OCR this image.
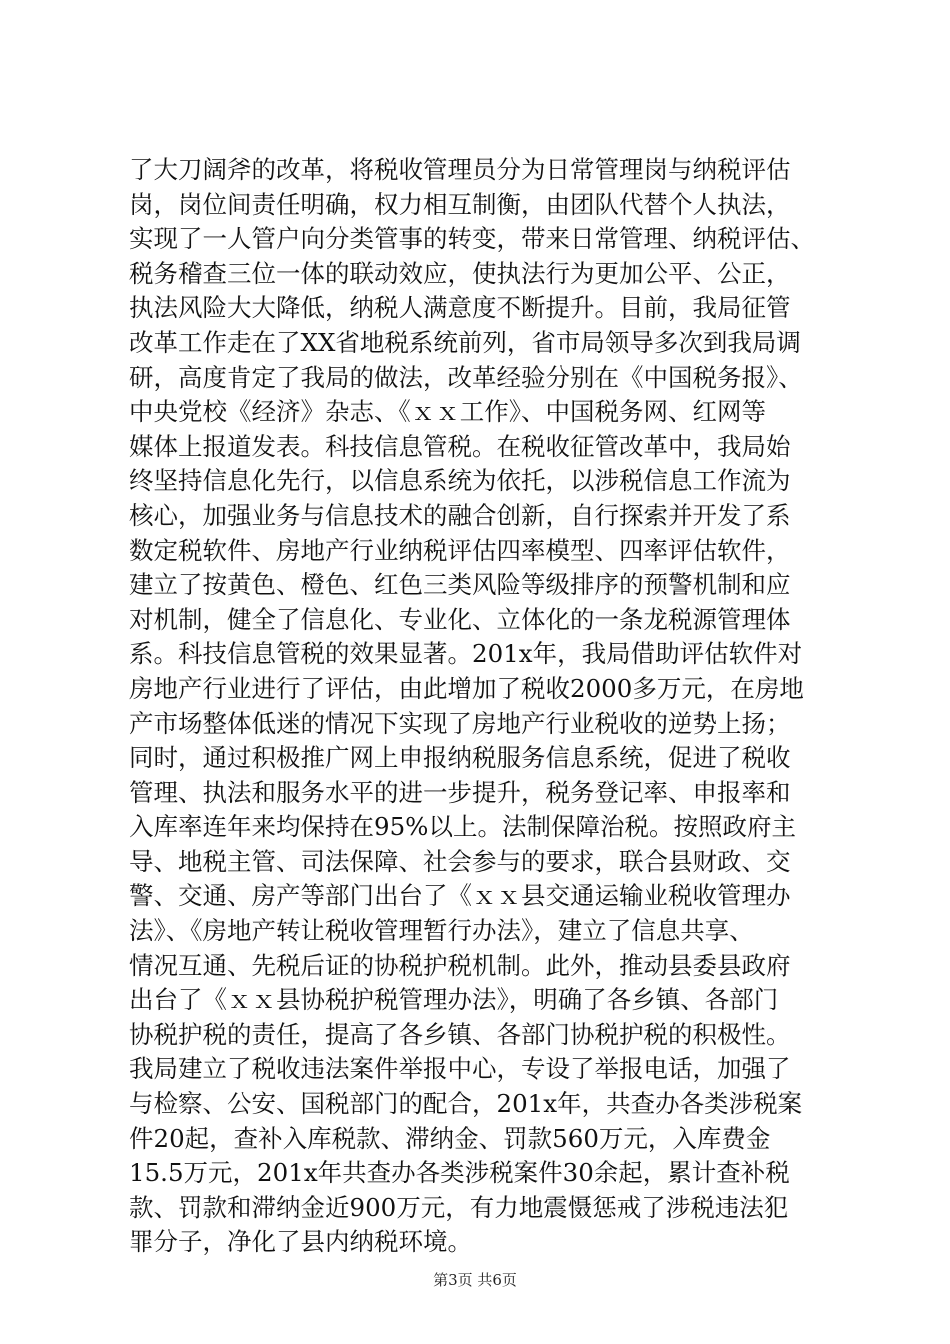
了大刀阔斧的改革，将税收管理员分为日常管理岗与纳税评估
岗，岗位间责任明确，权力相互制衡，由团队代替个人执法，
实现了一人管户向分类管事的转变，带来日常管理、纳税评估、
税务稽查三位一体的联动效应，使执法行为更加公平、公正，
执法风险大大降低，纳税人满意度不断提升。目前，我局征管
改革工作走在了XX省地税系统前列，省市局领导多次到我局调
研，高度肯定了我局的做法，改革经验分别在《中国税务报》、
中央党校《经济》杂志、《ｘｘ工作》、中国税务网、红网等
媒体上报道发表。科技信息管税。在税收征管改革中，我局始
终坚持信息化先行，以信息系统为依托，以涉税信息工作流为
核心，加强业务与信息技术的融合创新，自行探索并开发了系
数定税软件、房地产行业纳税评估四率模型、四率评估软件，
建立了按黄色、橙色、红色三类风险等级排序的预警机制和应
对机制，健全了信息化、专业化、立体化的一条龙税源管理体
系。科技信息管税的效果显著。201x年，我局借助评估软件对
房地产行业进行了评估，由此增加了税收2000多万元，在房地
产市场整体低迷的情况下实现了房地产行业税收的逆势上扬；
同时，通过积极推广网上申报纳税服务信息系统，促进了税收
管理、执法和服务水平的进一步提升，税务登记率、申报率和
入库率连年来均保持在95%以上。法制保障治税。按照政府主
导、地税主管、司法保障、社会参与的要求，联合县财政、交
警、交通、房产等部门出台了《ｘｘ县交通运输业税收管理办
法》、《房地产转让税收管理暂行办法》，建立了信息共享、
情况互通、先税后证的协税护税机制。此外，推动县委县政府
出台了《ｘｘ县协税护税管理办法》，明确了各乡镇、各部门
协税护税的责任，提高了各乡镇、各部门协税护税的积极性。
我局建立了税收违法案件举报中心，专设了举报电话，加强了
与检察、公安、国税部门的配合，201x年，共查办各类涉税案
件20起，查补入库税款、滞纳金、罚款560万元，入库费金
15.5万元，201x年共查办各类涉税案件30余起，累计查补税
款、罚款和滞纳金近900万元，有力地震慑惩戒了涉税违法犯
罪分子，净化了县内纳税环境。
第3页 共6页
